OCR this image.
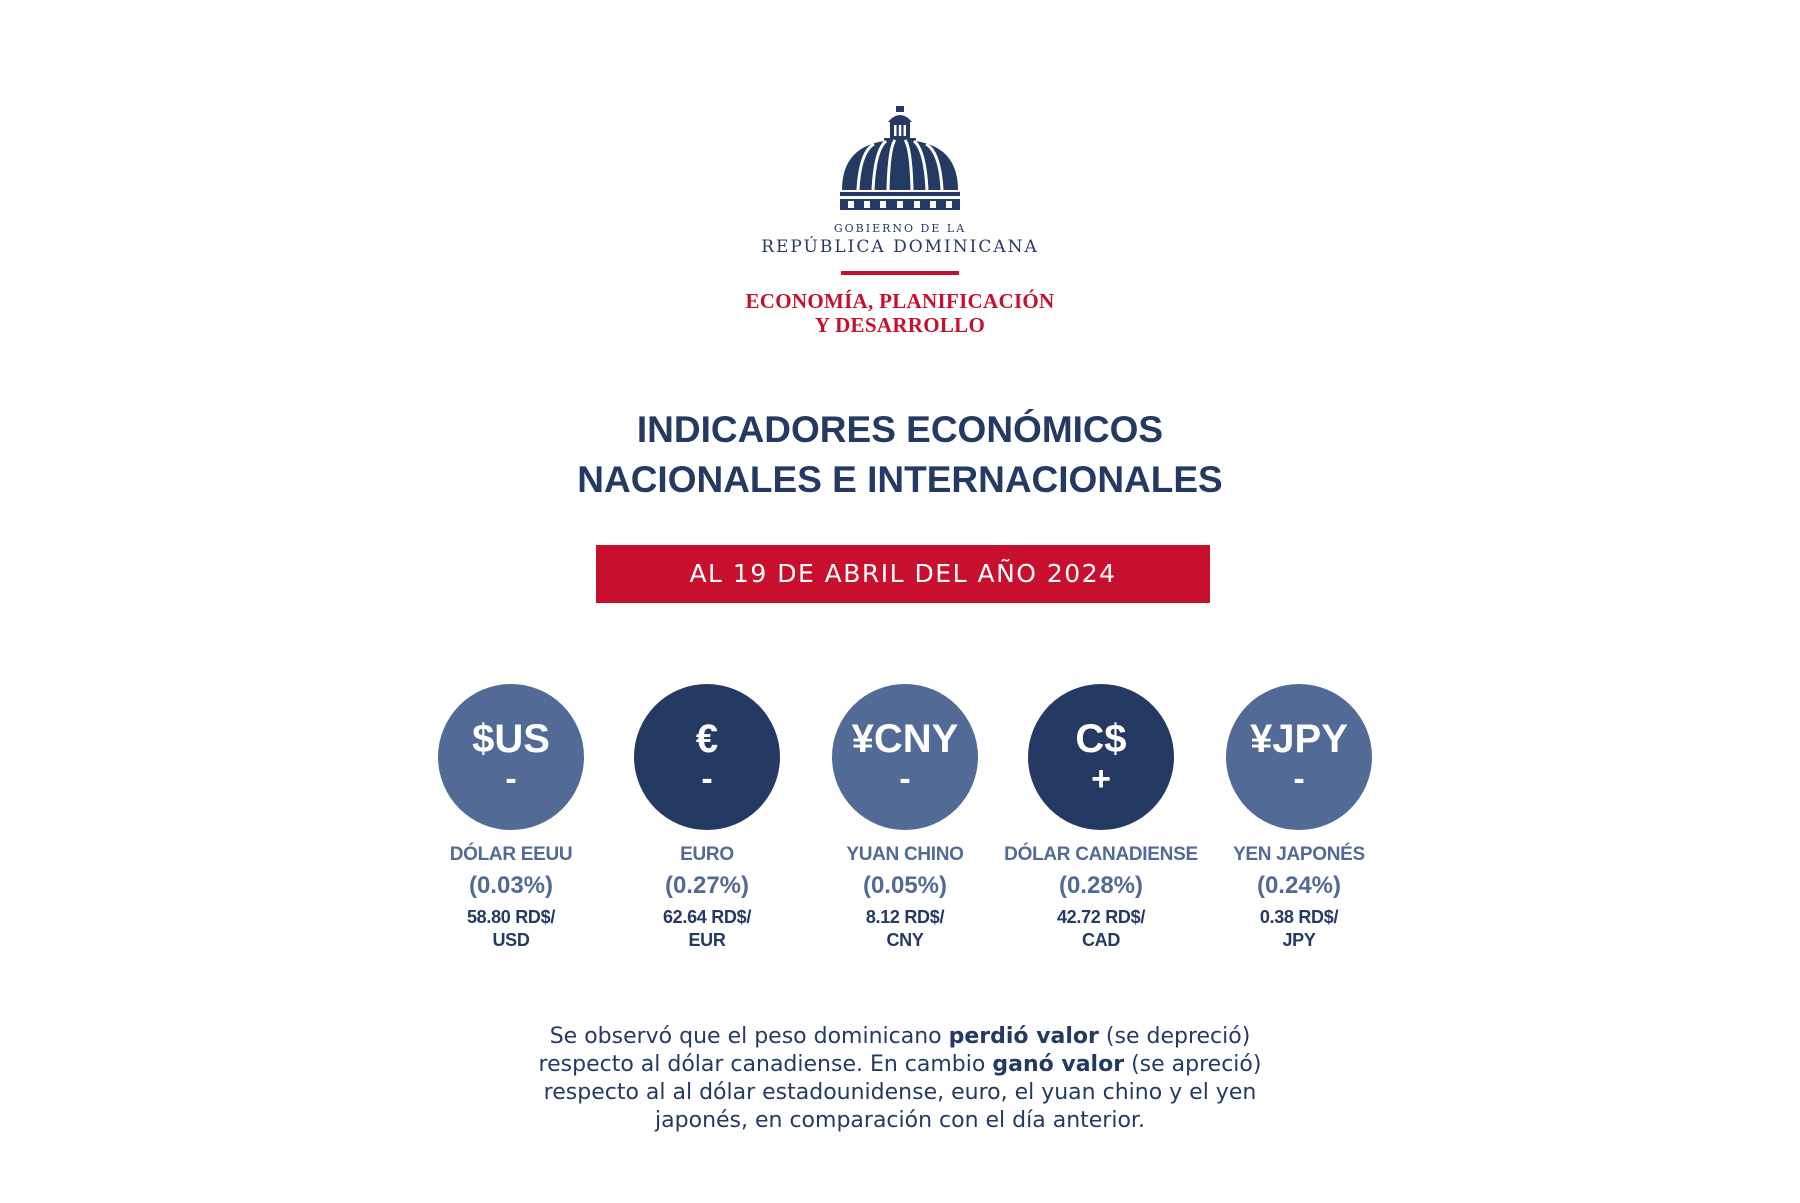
GOBIERNO DE LA
REPÚBLICA DOMINICANA
ECONOMÍA, PLANIFICACIÓN
Y DESARROLLO
INDICADORES ECONÓMICOS
NACIONALES E INTERNACIONALES
AL 19 DE ABRIL DEL AÑO 2024
$US
-
DÓLAR EEUU
(0.03%)
58.80 RD$/
USD
€
-
EURO
(0.27%)
62.64 RD$/
EUR
¥CNY
-
YUAN CHINO
(0.05%)
8.12 RD$/
CNY
C$
+
DÓLAR CANADIENSE
(0.28%)
42.72 RD$/
CAD
¥JPY
-
YEN JAPONÉS
(0.24%)
0.38 RD$/
JPY
Se observó que el peso dominicano perdió valor (se depreció)
respecto al dólar canadiense. En cambio ganó valor (se apreció)
respecto al al dólar estadounidense, euro, el yuan chino y el yen
japonés, en comparación con el día anterior.
